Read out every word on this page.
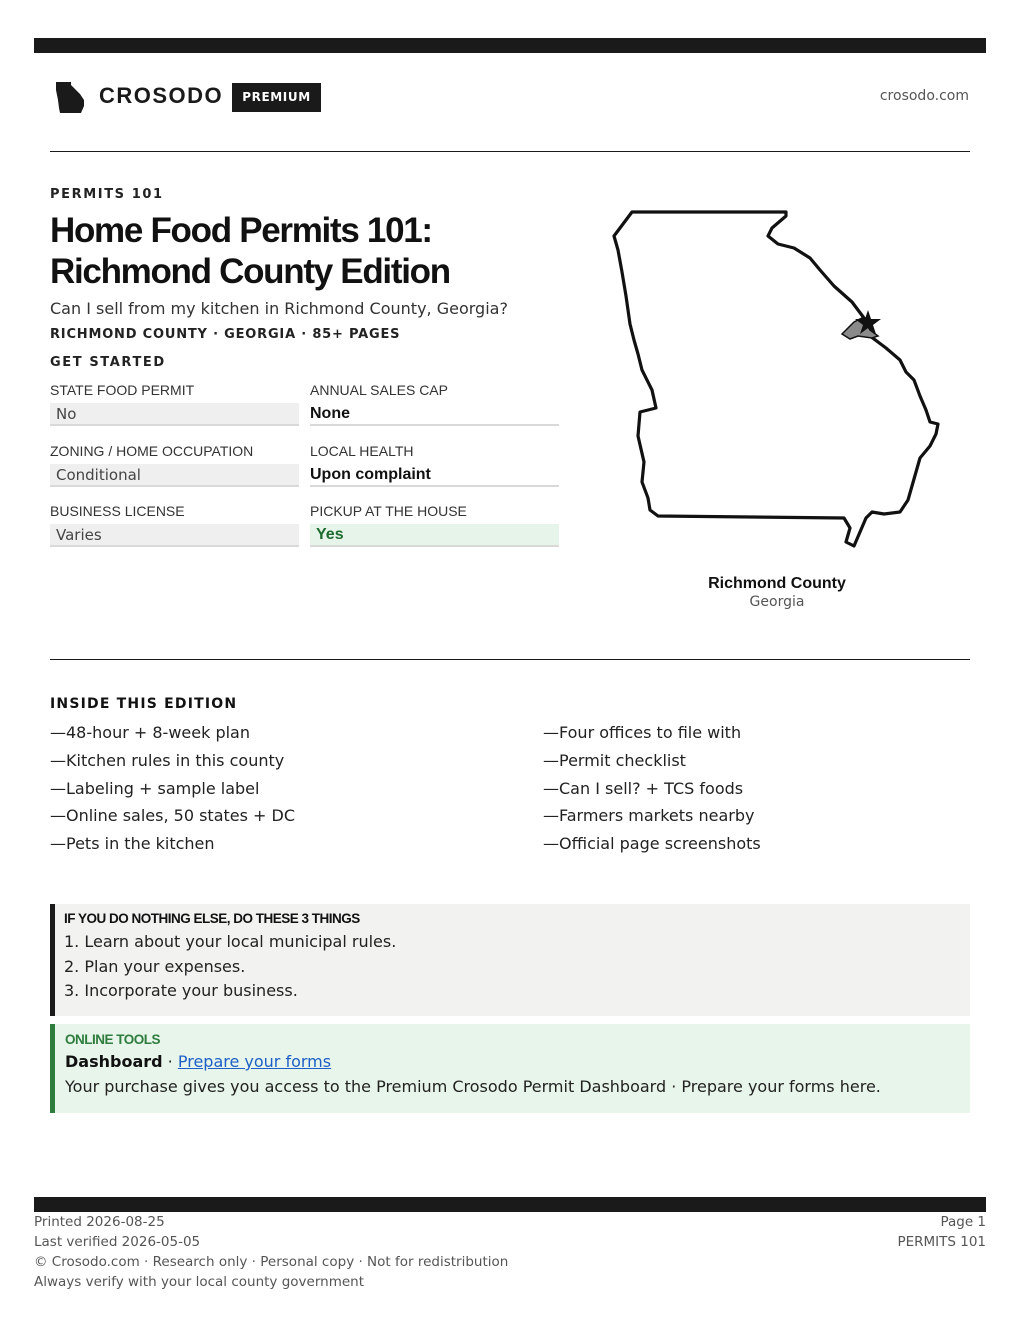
CROSODO	PREMIUM	crosodo.com
PERMITS 101
Home Food Permits 101:
Richmond County Edition
Can I sell from my kitchen in Richmond County, Georgia?
RICHMOND COUNTY · GEORGIA · 85+ PAGES
GET STARTED
STATE FOOD PERMIT
No
ANNUAL SALES CAP
None
ZONING / HOME OCCUPATION
Conditional
LOCAL HEALTH
Upon complaint
BUSINESS LICENSE
Varies
PICKUP AT THE HOUSE
Yes
Richmond County
Georgia
INSIDE THIS EDITION
—48-hour + 8-week plan
—Kitchen rules in this county
—Labeling + sample label
—Online sales, 50 states + DC
—Pets in the kitchen
—Four offices to file with
—Permit checklist
—Can I sell? + TCS foods
—Farmers markets nearby
—Official page screenshots
IF YOU DO NOTHING ELSE, DO THESE 3 THINGS
1. Learn about your local municipal rules.
2. Plan your expenses.
3. Incorporate your business.
ONLINE TOOLS
Dashboard · Prepare your forms
Your purchase gives you access to the Premium Crosodo Permit Dashboard · Prepare your forms here.
Printed 2026-08-25
Last verified 2026-05-05
© Crosodo.com · Research only · Personal copy · Not for redistribution
Always verify with your local county government
Page 1
PERMITS 101
